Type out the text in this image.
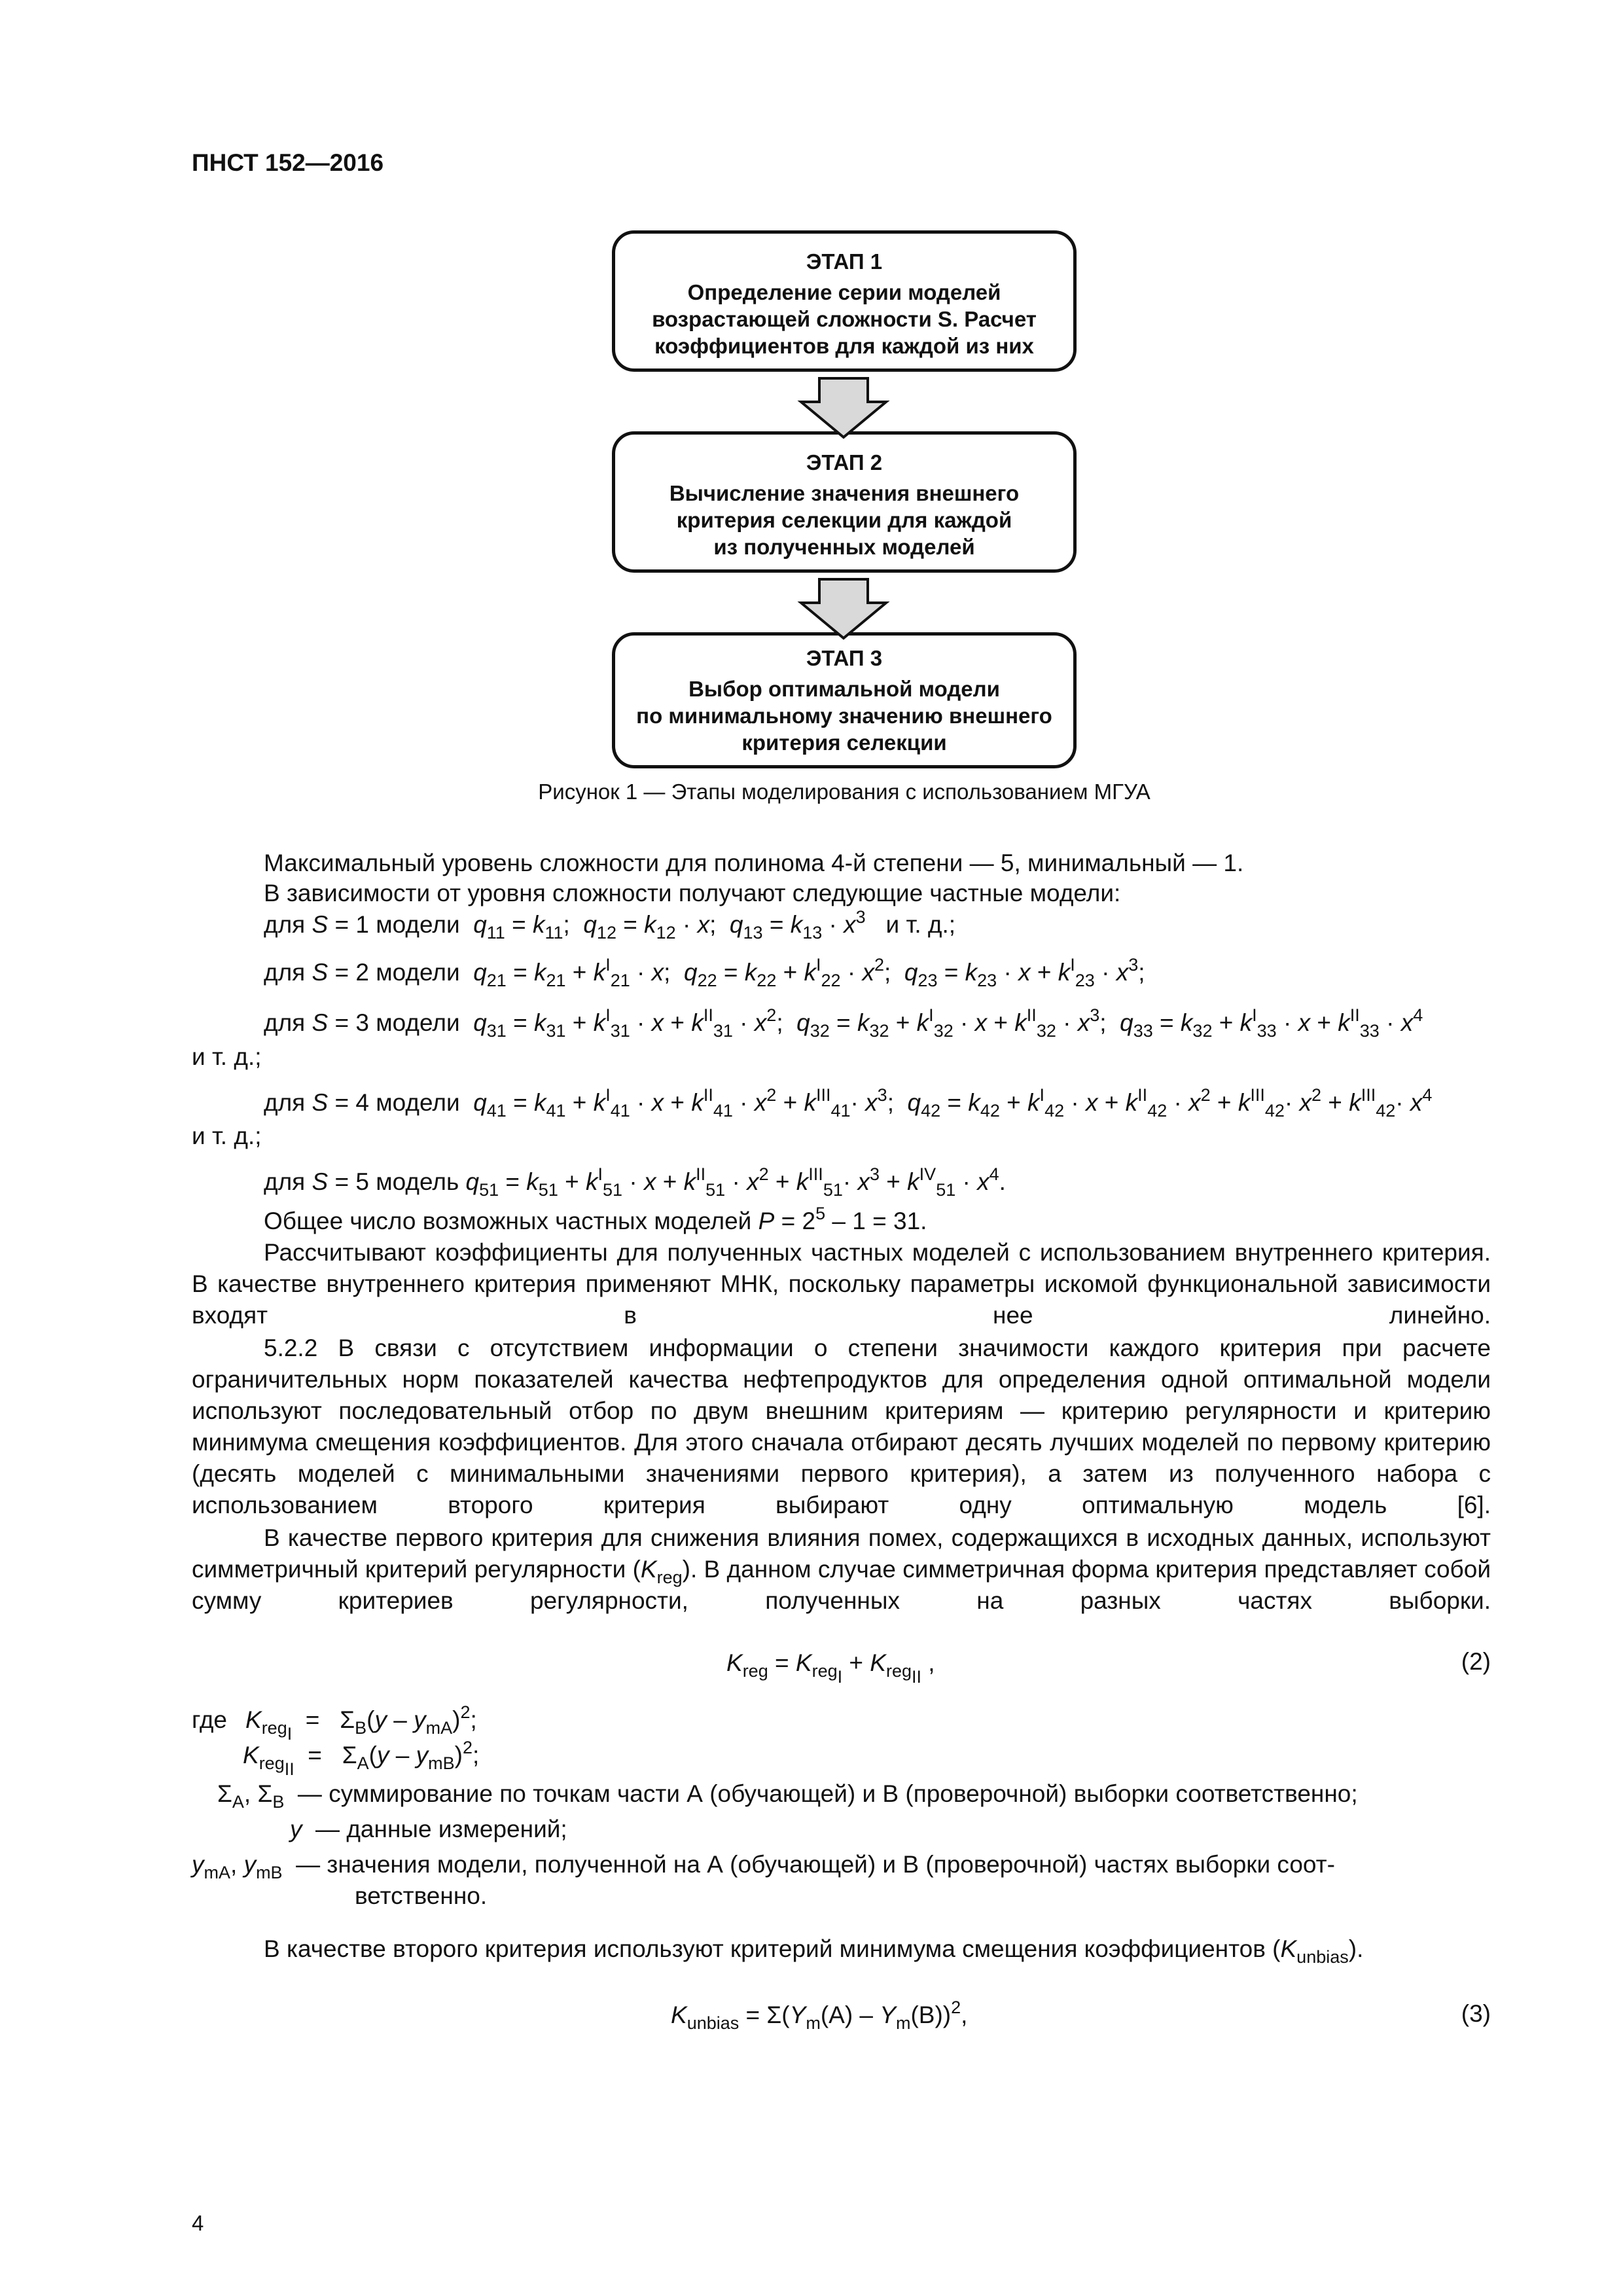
ПНСТ 152—2016
ЭТАП 1
Определение серии моделей
возрастающей сложности S. Расчет
коэффициентов для каждой из них
ЭТАП 2
Вычисление значения внешнего
критерия селекции для каждой
из полученных моделей
ЭТАП 3
Выбор оптимальной модели
по минимальному значению внешнего
критерия селекции
Рисунок 1 — Этапы моделирования с использованием МГУА
Максимальный уровень сложности для полинома 4-й степени — 5, минимальный — 1.
В зависимости от уровня сложности получают следующие частные модели:
для S = 1 модели $q_{11} = k_{11}$;  $q_{12} = k_{12} \cdot x$;  $q_{13} = k_{13} \cdot x^3$   и т. д.;
для S = 2 модели $q_{21} = k_{21} + k^I_{21} \cdot x$;  $q_{22} = k_{22} + k^I_{22} \cdot x^2$;  $q_{23} = k_{23} \cdot x + k^I_{23} \cdot x^3$;
для S = 3 модели $q_{31} = k_{31} + k^I_{31} \cdot x + k^{II}_{31} \cdot x^2$;  $q_{32} = k_{32} + k^I_{32} \cdot x + k^{II}_{32} \cdot x^3$;  $q_{33} = k_{32} + k^I_{33} \cdot x + k^{II}_{33} \cdot x^4$
и т. д.;
для S = 4 модели $q_{41} = k_{41} + k^I_{41} \cdot x + k^{II}_{41} \cdot x^2 + k^{III}_{41}\cdot x^3$;  $q_{42} = k_{42} + k^I_{42} \cdot x + k^{II}_{42} \cdot x^2 + k^{III}_{42}\cdot x^2 + k^{III}_{42}\cdot x^4$
и т. д.;
для S = 5 модель $q_{51} = k_{51} + k^I_{51} \cdot x + k^{II}_{51} \cdot x^2 + k^{III}_{51}\cdot x^3 + k^{IV}_{51} \cdot x^4$.
Общее число возможных частных моделей $P = 2^5 - 1 = 31$.
Рассчитывают коэффициенты для полученных частных моделей с использованием внутреннего критерия. В качестве внутреннего критерия применяют МНК, поскольку параметры искомой функциональной зависимости входят в нее линейно.
5.2.2 В связи с отсутствием информации о степени значимости каждого критерия при расчете ограничительных норм показателей качества нефтепродуктов для определения одной оптимальной модели используют последовательный отбор по двум внешним критериям — критерию регулярности и критерию минимума смещения коэффициентов. Для этого сначала отбирают десять лучших моделей по первому критерию (десять моделей с минимальными значениями первого критерия), а затем из полученного набора с использованием второго критерия выбирают одну оптимальную модель [6].
В качестве первого критерия для снижения влияния помех, содержащихся в исходных данных, используют симметричный критерий регулярности $(K_{reg})$. В данном случае симметричная форма критерия представляет собой сумму критериев регулярности, полученных на разных частях выборки.
$K_{reg} = K_{reg_I} + K_{reg_{II}}$ ,	(2)
где $K_{reg_I} = \Sigma_B(y - y_{mA})^2$;
$K_{reg_{II}} = \Sigma_A(y - y_{mB})^2$;
$\Sigma_A$, $\Sigma_B$  — суммирование по точкам части А (обучающей) и В (проверочной) выборки соответственно;
y  — данные измерений;
$y_{mA}$, $y_{mB}$  — значения модели, полученной на А (обучающей) и В (проверочной) частях выборки соот-
ветственно.
В качестве второго критерия используют критерий минимума смещения коэффициентов $(K_{unbias})$.
$K_{unbias} = \Sigma(Y_m(A) - Y_m(B))^2$,	(3)
4
